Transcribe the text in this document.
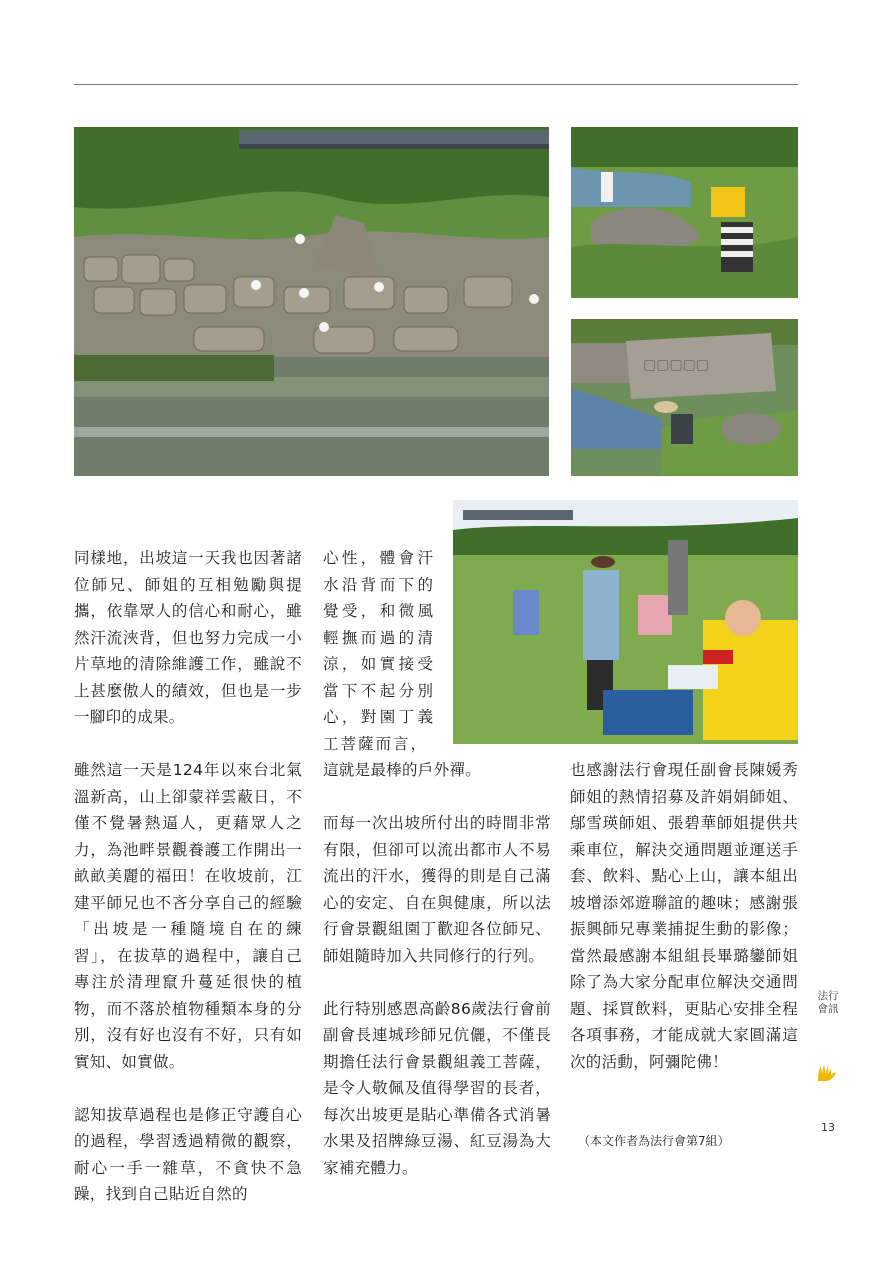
▢▢▢▢▢

同樣地，出坡這一天我也因著諸位師兄、師姐的互相勉勵與提攜，依靠眾人的信心和耐心，雖然汗流浹背，但也努力完成一小片草地的清除維護工作，雖說不上甚麼傲人的績效，但也是一步一腳印的成果。

雖然這一天是124年以來台北氣溫新高，山上卻蒙祥雲蔽日，不僅不覺暑熱逼人，更藉眾人之力，為池畔景觀養護工作開出一畝畝美麗的福田！在收坡前，江建平師兄也不吝分享自己的經驗「出坡是一種隨境自在的練習」，在拔草的過程中，讓自己專注於清理竄升蔓延很快的植物，而不落於植物種類本身的分別，沒有好也沒有不好，只有如實知、如實做。

認知拔草過程也是修正守護自心的過程，學習透過精微的觀察，耐心一手一雜草，不貪快不急躁，找到自己貼近自然的

心性，體會汗水沿背而下的覺受，和微風輕撫而過的清涼，如實接受當下不起分別心，對園丁義工菩薩而言，

這就是最棒的戶外禪。

而每一次出坡所付出的時間非常有限，但卻可以流出都市人不易流出的汗水，獲得的則是自己滿心的安定、自在與健康，所以法行會景觀組園丁歡迎各位師兄、師姐隨時加入共同修行的行列。

此行特別感恩高齡86歲法行會前副會長連城珍師兄伉儷，不僅長期擔任法行會景觀組義工菩薩，是令人敬佩及值得學習的長者，每次出坡更是貼心準備各式消暑水果及招牌綠豆湯、紅豆湯為大家補充體力。

也感謝法行會現任副會長陳媛秀師姐的熱情招募及許娟娟師姐、鄔雪瑛師姐、張碧華師姐提供共乘車位，解決交通問題並運送手套、飲料、點心上山，讓本組出坡增添郊遊聯誼的趣味；感謝張振興師兄專業捕捉生動的影像；當然最感謝本組組長畢璐鑾師姐除了為大家分配車位解決交通問題、採買飲料，更貼心安排全程各項事務，才能成就大家圓滿這次的活動，阿彌陀佛！

（本文作者為法行會第7組）
法行會訊
13
